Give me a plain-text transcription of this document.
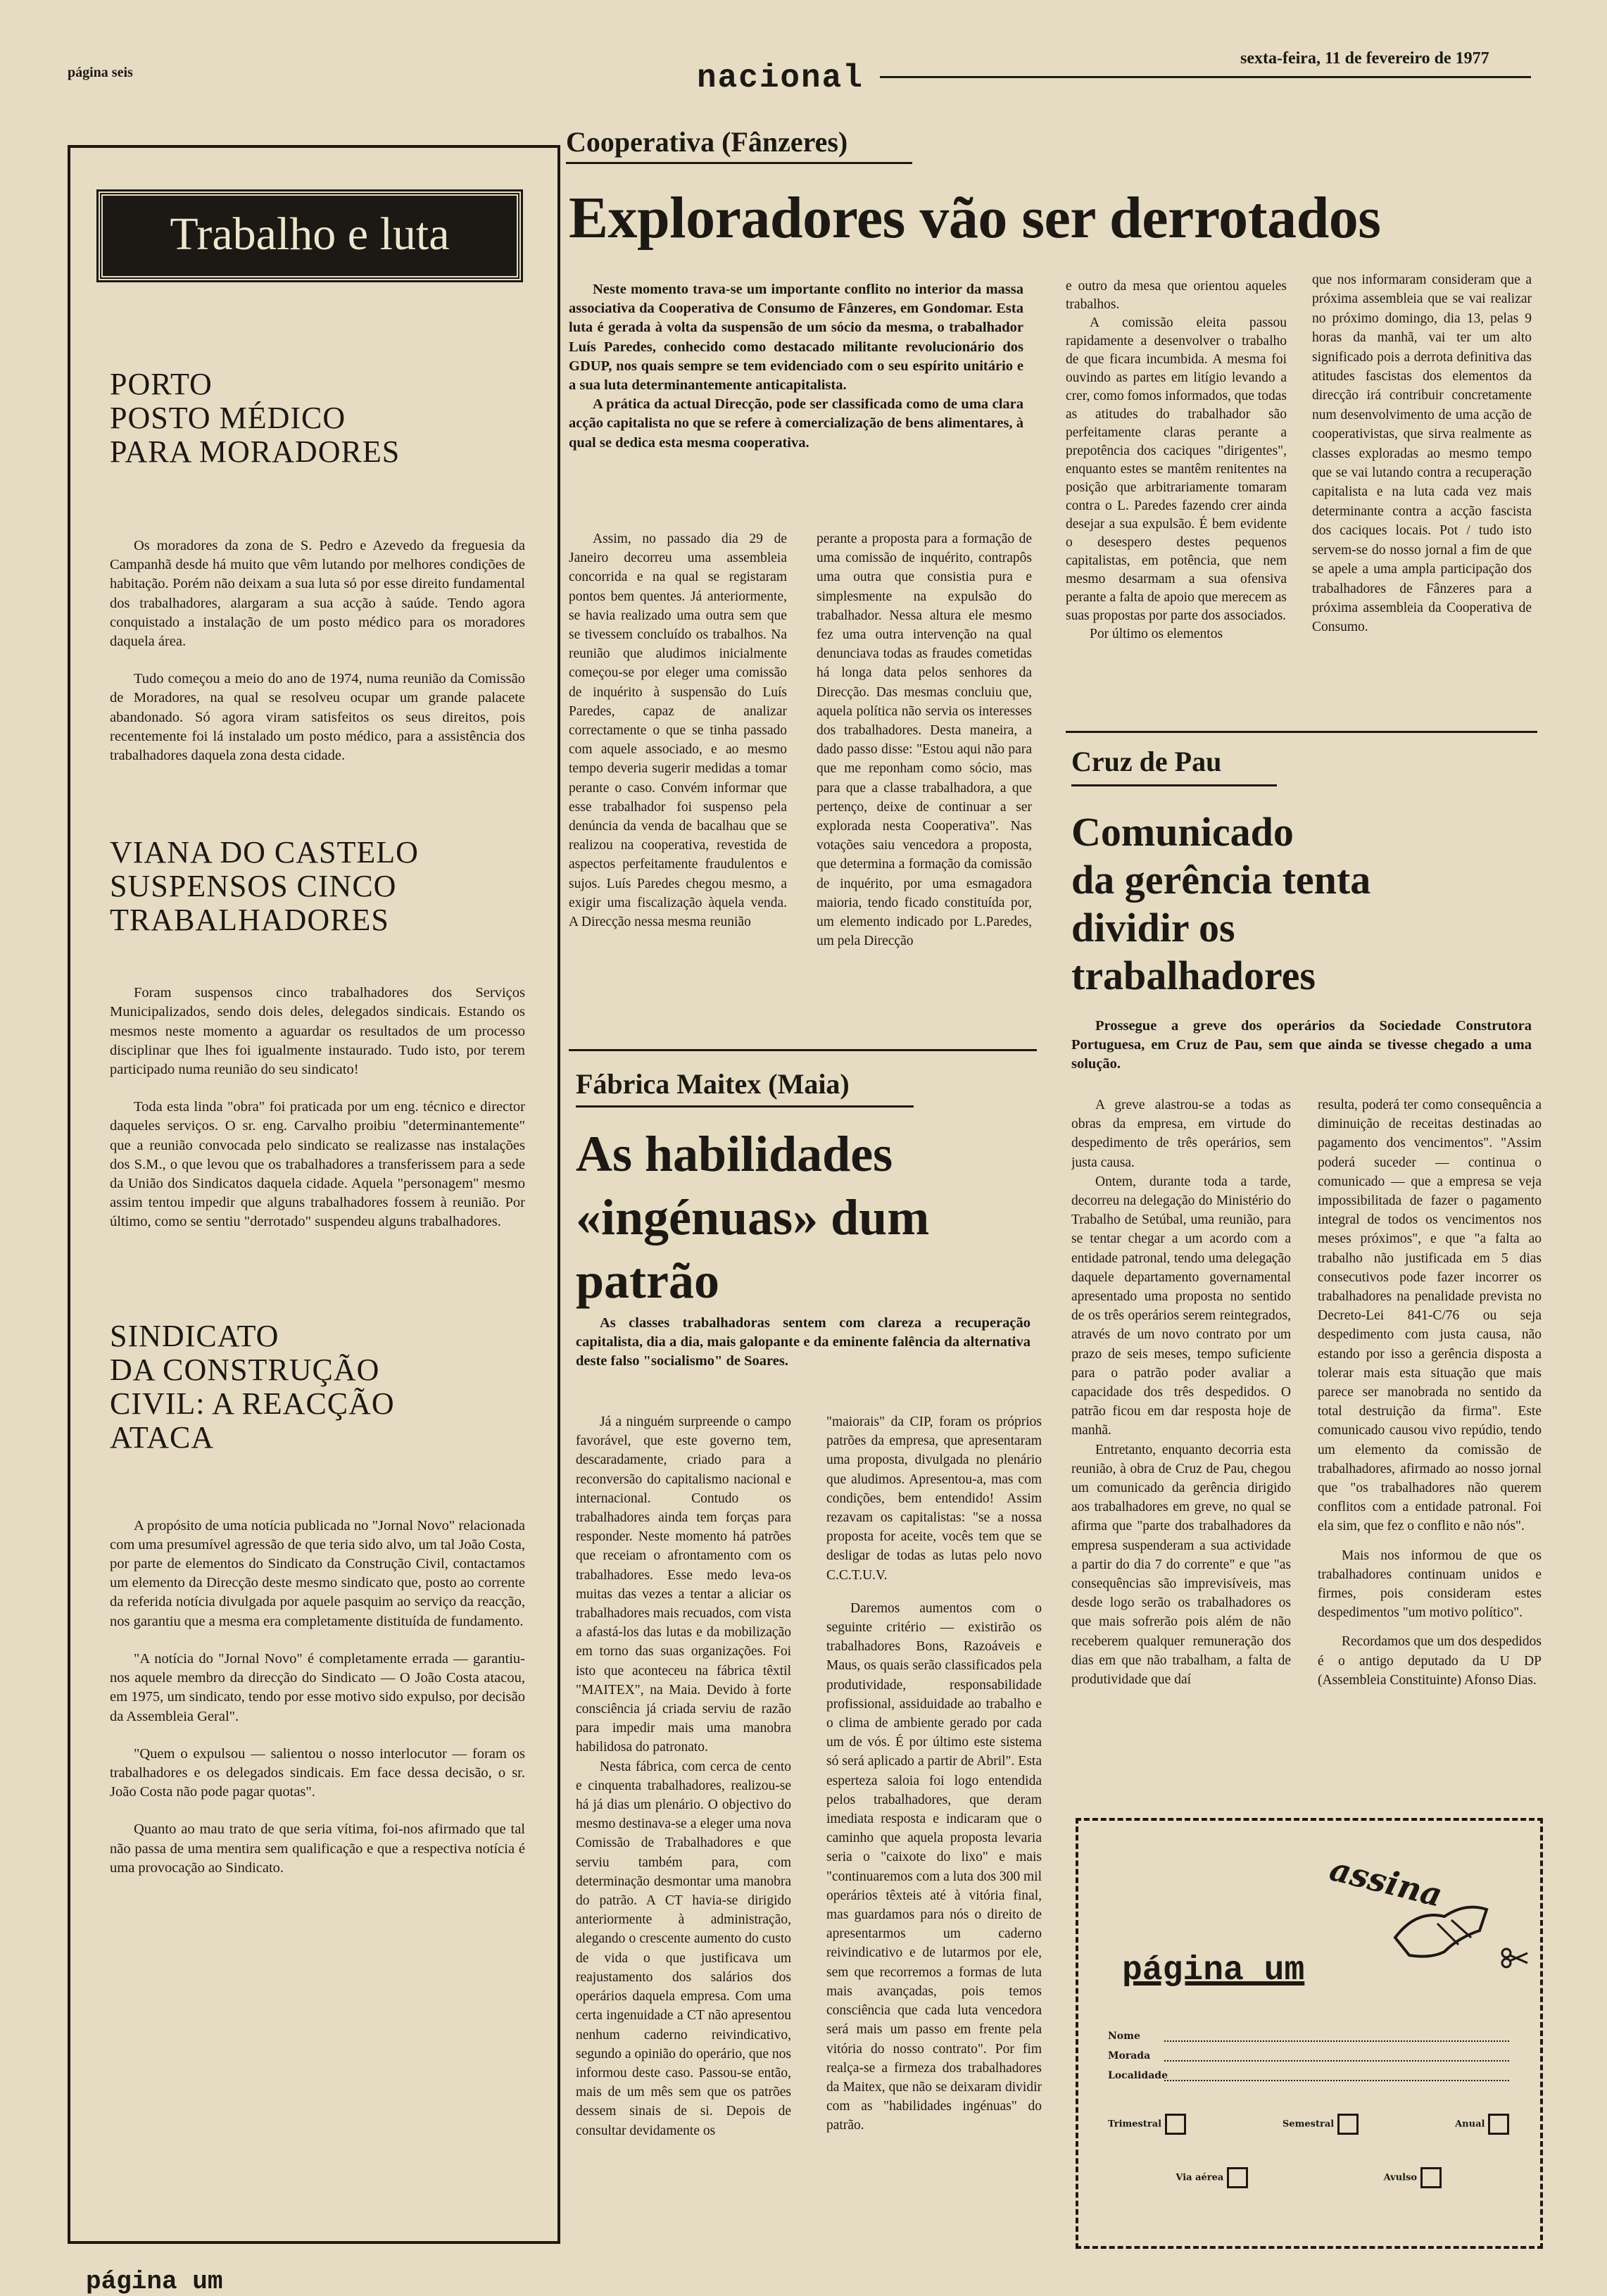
página seis	nacional
sexta-feira, 11 de fevereiro de 1977
Trabalho e luta
PORTO
POSTO MÉDICO
PARA MORADORES

Os moradores da zona de S. Pedro e Azevedo da freguesia da Campanhã desde há muito que vêm lutando por melhores condições de habitação. Porém não deixam a sua luta só por esse direito fundamental dos trabalhadores, alargaram a sua acção à saúde. Tendo agora conquistado a instalação de um posto médico para os moradores daquela área.

Tudo começou a meio do ano de 1974, numa reunião da Comissão de Moradores, na qual se resolveu ocupar um grande palacete abandonado. Só agora viram satisfeitos os seus direitos, pois recentemente foi lá instalado um posto médico, para a assistência dos trabalhadores daquela zona desta cidade.

VIANA DO CASTELO
SUSPENSOS CINCO
TRABALHADORES

Foram suspensos cinco trabalhadores dos Serviços Municipalizados, sendo dois deles, delegados sindicais. Estando os mesmos neste momento a aguardar os resultados de um processo disciplinar que lhes foi igualmente instaurado. Tudo isto, por terem participado numa reunião do seu sindicato!

Toda esta linda "obra" foi praticada por um eng. técnico e director daqueles serviços. O sr. eng. Carvalho proibiu "determinantemente" que a reunião convocada pelo sindicato se realizasse nas instalações dos S.M., o que levou que os trabalhadores a transferissem para a sede da União dos Sindicatos daquela cidade. Aquela "personagem" mesmo assim tentou impedir que alguns trabalhadores fossem à reunião. Por último, como se sentiu "derrotado" suspendeu alguns trabalhadores.

SINDICATO
DA CONSTRUÇÃO
CIVIL: A REACÇÃO
ATACA

A propósito de uma notícia publicada no "Jornal Novo" relacionada com uma presumível agressão de que teria sido alvo, um tal João Costa, por parte de elementos do Sindicato da Construção Civil, contactamos um elemento da Direcção deste mesmo sindicato que, posto ao corrente da referida notícia divulgada por aquele pasquim ao serviço da reacção, nos garantiu que a mesma era completamente distituída de fundamento.

"A notícia do "Jornal Novo" é completamente errada — garantiu-nos aquele membro da direcção do Sindicato — O João Costa atacou, em 1975, um sindicato, tendo por esse motivo sido expulso, por decisão da Assembleia Geral".

"Quem o expulsou — salientou o nosso interlocutor — foram os trabalhadores e os delegados sindicais. Em face dessa decisão, o sr. João Costa não pode pagar quotas".

Quanto ao mau trato de que seria vítima, foi-nos afirmado que tal não passa de uma mentira sem qualificação e que a respectiva notícia é uma provocação ao Sindicato.

Cooperativa (Fânzeres)
Exploradores vão ser derrotados

Neste momento trava-se um importante conflito no interior da massa associativa da Cooperativa de Consumo de Fânzeres, em Gondomar. Esta luta é gerada à volta da suspensão de um sócio da mesma, o trabalhador Luís Paredes, conhecido como destacado militante revolucionário dos GDUP, nos quais sempre se tem evidenciado com o seu espírito unitário e a sua luta determinantemente anticapitalista.

A prática da actual Direcção, pode ser classificada como de uma clara acção capitalista no que se refere à comercialização de bens alimentares, à qual se dedica esta mesma cooperativa.

Assim, no passado dia 29 de Janeiro decorreu uma assembleia concorrida e na qual se registaram pontos bem quentes. Já anteriormente, se havia realizado uma outra sem que se tivessem concluído os trabalhos. Na reunião que aludimos inicialmente começou-se por eleger uma comissão de inquérito à suspensão do Luís Paredes, capaz de analizar correctamente o que se tinha passado com aquele associado, e ao mesmo tempo deveria sugerir medidas a tomar perante o caso. Convém informar que esse trabalhador foi suspenso pela denúncia da venda de bacalhau que se realizou na cooperativa, revestida de aspectos perfeitamente fraudulentos e sujos. Luís Paredes chegou mesmo, a exigir uma fiscalização àquela venda. A Direcção nessa mesma reunião

perante a proposta para a formação de uma comissão de inquérito, contrapôs uma outra que consistia pura e simplesmente na expulsão do trabalhador. Nessa altura ele mesmo fez uma outra intervenção na qual denunciava todas as fraudes cometidas há longa data pelos senhores da Direcção. Das mesmas concluiu que, aquela política não servia os interesses dos trabalhadores. Desta maneira, a dado passo disse: "Estou aqui não para que me reponham como sócio, mas para que a classe trabalhadora, a que pertenço, deixe de continuar a ser explorada nesta Cooperativa". Nas votações saiu vencedora a proposta, que determina a formação da comissão de inquérito, por uma esmagadora maioria, tendo ficado constituída por, um elemento indicado por L.Paredes, um pela Direcção

e outro da mesa que orientou aqueles trabalhos.

A comissão eleita passou rapidamente a desenvolver o trabalho de que ficara incumbida. A mesma foi ouvindo as partes em litígio levando a crer, como fomos informados, que todas as atitudes do trabalhador são perfeitamente claras perante a prepotência dos caciques "dirigentes", enquanto estes se mantêm renitentes na posição que arbitrariamente tomaram contra o L. Paredes fazendo crer ainda desejar a sua expulsão. É bem evidente o desespero destes pequenos capitalistas, em potência, que nem mesmo desarmam a sua ofensiva perante a falta de apoio que merecem as suas propostas por parte dos associados.

Por último os elementos

que nos informaram consideram que a próxima assembleia que se vai realizar no próximo domingo, dia 13, pelas 9 horas da manhã, vai ter um alto significado pois a derrota definitiva das atitudes fascistas dos elementos da direcção irá contribuir concretamente num desenvolvimento de uma acção de cooperativistas, que sirva realmente as classes exploradas ao mesmo tempo que se vai lutando contra a recuperação capitalista e na luta cada vez mais determinante contra a acção fascista dos caciques locais. Pot / tudo isto servem-se do nosso jornal a fim de que se apele a uma ampla participação dos trabalhadores de Fânzeres para a próxima assembleia da Cooperativa de Consumo.

Fábrica Maitex (Maia)
As habilidades
«ingénuas» dum
patrão

As classes trabalhadoras sentem com clareza a recuperação capitalista, dia a dia, mais galopante e da eminente falência da alternativa deste falso "socialismo" de Soares.

Já a ninguém surpreende o campo favorável, que este governo tem, descaradamente, criado para a reconversão do capitalismo nacional e internacional. Contudo os trabalhadores ainda tem forças para responder. Neste momento há patrões que receiam o afrontamento com os trabalhadores. Esse medo leva-os muitas das vezes a tentar a aliciar os trabalhadores mais recuados, com vista a afastá-los das lutas e da mobilização em torno das suas organizações. Foi isto que aconteceu na fábrica têxtil "MAITEX", na Maia. Devido à forte consciência já criada serviu de razão para impedir mais uma manobra habilidosa do patronato.

Nesta fábrica, com cerca de cento e cinquenta trabalhadores, realizou-se há já dias um plenário. O objectivo do mesmo destinava-se a eleger uma nova Comissão de Trabalhadores e que serviu também para, com determinação desmontar uma manobra do patrão. A CT havia-se dirigido anteriormente à administração, alegando o crescente aumento do custo de vida o que justificava um reajustamento dos salários dos operários daquela empresa. Com uma certa ingenuidade a CT não apresentou nenhum caderno reivindicativo, segundo a opinião do operário, que nos informou deste caso. Passou-se então, mais de um mês sem que os patrões dessem sinais de si. Depois de consultar devidamente os

"maiorais" da CIP, foram os próprios patrões da empresa, que apresentaram uma proposta, divulgada no plenário que aludimos. Apresentou-a, mas com condições, bem entendido! Assim rezavam os capitalistas: "se a nossa proposta for aceite, vocês tem que se desligar de todas as lutas pelo novo C.C.T.U.V.

Daremos aumentos com o seguinte critério — existirão os trabalhadores Bons, Razoáveis e Maus, os quais serão classificados pela produtividade, responsabilidade profissional, assiduidade ao trabalho e o clima de ambiente gerado por cada um de vós. É por último este sistema só será aplicado a partir de Abril". Esta esperteza saloia foi logo entendida pelos trabalhadores, que deram imediata resposta e indicaram que o caminho que aquela proposta levaria seria o "caixote do lixo" e mais "continuaremos com a luta dos 300 mil operários têxteis até à vitória final, mas guardamos para nós o direito de apresentarmos um caderno reivindicativo e de lutarmos por ele, sem que recorremos a formas de luta mais avançadas, pois temos consciência que cada luta vencedora será mais um passo em frente pela vitória do nosso contrato". Por fim realça-se a firmeza dos trabalhadores da Maitex, que não se deixaram dividir com as "habilidades ingénuas" do patrão.

Cruz de Pau
Comunicado
da gerência tenta
dividir os
trabalhadores

Prossegue a greve dos operários da Sociedade Construtora Portuguesa, em Cruz de Pau, sem que ainda se tivesse chegado a uma solução.

A greve alastrou-se a todas as obras da empresa, em virtude do despedimento de três operários, sem justa causa.

Ontem, durante toda a tarde, decorreu na delegação do Ministério do Trabalho de Setúbal, uma reunião, para se tentar chegar a um acordo com a entidade patronal, tendo uma delegação daquele departamento governamental apresentado uma proposta no sentido de os três operários serem reintegrados, através de um novo contrato por um prazo de seis meses, tempo suficiente para o patrão poder avaliar a capacidade dos três despedidos. O patrão ficou em dar resposta hoje de manhã.

Entretanto, enquanto decorria esta reunião, à obra de Cruz de Pau, chegou um comunicado da gerência dirigido aos trabalhadores em greve, no qual se afirma que "parte dos trabalhadores da empresa suspenderam a sua actividade a partir do dia 7 do corrente" e que "as consequências são imprevisíveis, mas desde logo serão os trabalhadores os que mais sofrerão pois além de não receberem qualquer remuneração dos dias em que não trabalham, a falta de produtividade que daí

resulta, poderá ter como consequência a diminuição de receitas destinadas ao pagamento dos vencimentos". "Assim poderá suceder — continua o comunicado — que a empresa se veja impossibilitada de fazer o pagamento integral de todos os vencimentos nos meses próximos", e que "a falta ao trabalho não justificada em 5 dias consecutivos pode fazer incorrer os trabalhadores na penalidade prevista no Decreto-Lei 841-C/76 ou seja despedimento com justa causa, não estando por isso a gerência disposta a tolerar mais esta situação que mais parece ser manobrada no sentido da total destruição da firma". Este comunicado causou vivo repúdio, tendo um elemento da comissão de trabalhadores, afirmado ao nosso jornal que "os trabalhadores não querem conflitos com a entidade patronal. Foi ela sim, que fez o conflito e não nós".

Mais nos informou de que os trabalhadores continuam unidos e firmes, pois consideram estes despedimentos "um motivo político".

Recordamos que um dos despedidos é o antigo deputado da U DP (Assembleia Constituinte) Afonso Dias.

assina
página um
Nome
Morada
Localidade
Trimestral	Semestral	Anual
Via aérea	Avulso
página um
